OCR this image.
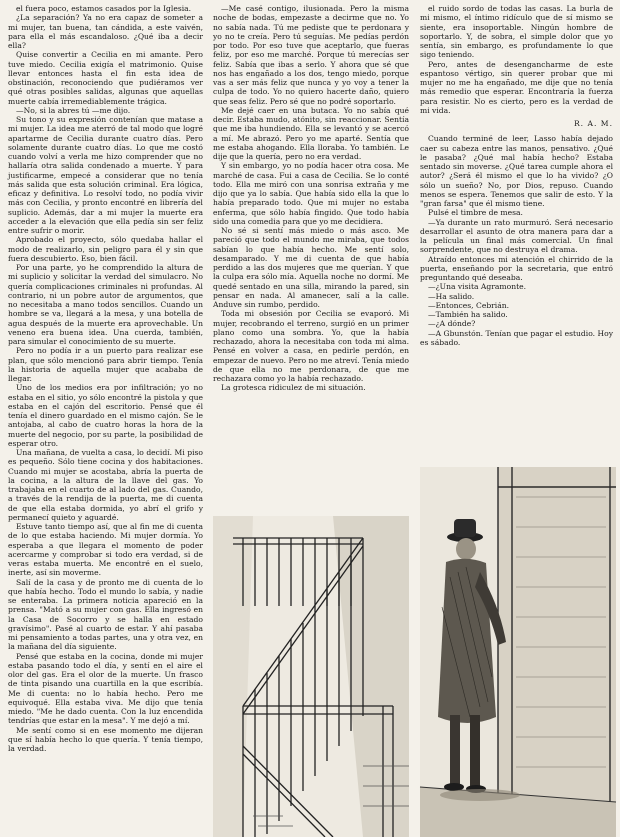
el fuera poco, estamos casados por la Iglesia.

¿La separación? Ya no era capaz de someter a mi mujer, tan buena, tan cándida, a este vaivén, para ella el más escandaloso. ¿Qué iba a decir ella?

Quise convertir a Cecilia en mi amante. Pero tuve miedo. Cecilia exigía el matrimonio. Quise llevar entonces hasta el fin esta idea de obstinación, reconociendo que pudiéramos ver qué otras posibles salidas, algunas que aquellas muerte cabía irremediablemente trágica.

—No, si la abres tú —me dijo.

Su tono y su expresión contenían que matase a mi mujer. La idea me aterró de tal modo que logré apartarme de Cecilia durante cuatro días. Pero solamente durante cuatro días. Lo que me costó cuando volví a verla me hizo comprender que no hallaría otra salida condenado a muerte. Y para justificarme, empecé a considerar que no tenía más salida que esta solución criminal. Era lógica, eficaz y definitiva. Lo resolví todo, no podía vivir más con Cecilia, y pronto encontré en librería del suplicio. Además, dar a mi mujer la muerte era acceder a la elevación que ella pedía sin ser feliz entre sufrir o morir.

Aprobado el proyecto, sólo quedaba hallar el modo de realizarlo, sin peligro para él y sin que fuera descubierto. Eso, bien fácil.

Por una parte, yo he comprendido la altura de mi suplicio y solicitar la verdad del simulacro. No quería complicaciones criminales ni profundas. Al contrario, ni un pobre autor de argumentos, que no necesitaba a mano todos sencillos. Cuando un hombre se va, llegará a la mesa, y una botella de agua después de la muerte era aprovechable. Un veneno era buena idea. Una cuerda, también, para simular el conocimiento de su muerte.

Pero no podía ir a un puerto para realizar ese plan, que sólo mencionó para abrir tiempo. Tenía la historia de aquella mujer que acababa de llegar.

Uno de los medios era por infiltración; yo no estaba en el sitio, yo sólo encontré la pistola y que estaba en el cajón del escritorio. Pensé que él tenía el dinero guardado en el mismo cajón. Se le antojaba, al cabo de cuatro horas la hora de la muerte del negocio, por su parte, la posibilidad de esperar otro.

Una mañana, de vuelta a casa, lo decidí. Mi piso es pequeño. Sólo tiene cocina y dos habitaciones. Cuando mi mujer se acostaba, abría la puerta de la cocina, a la altura de la llave del gas. Yo trabajaba en el cuarto de al lado del gas. Cuando, a través de la rendija de la puerta, me di cuenta de que ella estaba dormida, yo abrí el grifo y permanecí quieto y aguardé.

Estuve tanto tiempo así, que al fin me di cuenta de lo que estaba haciendo. Mi mujer dormía. Yo esperaba a que llegara el momento de poder acercarme y comprobar si todo era verdad, si de veras estaba muerta. Me encontré en el suelo, inerte, así sin moverme.

Salí de la casa y de pronto me di cuenta de lo que había hecho. Todo el mundo lo sabía, y nadie se enteraba. La primera noticia apareció en la prensa. "Mató a su mujer con gas. Ella ingresó en la Casa de Socorro y se halla en estado gravísimo". Pasé al cuarto de estar. Y ahí pasaba mi pensamiento a todas partes, una y otra vez, en la mañana del día siguiente.

Pensé que estaba en la cocina, donde mi mujer estaba pasando todo el día, y sentí en el aire el olor del gas. Era el olor de la muerte. Un frasco de tinta pisando una cuartilla en la que escribía. Me di cuenta: no lo había hecho. Pero me equivoqué. Ella estaba viva. Me dijo que tenía miedo. "Me he dado cuenta. Con la luz encendida tendrías que estar en la mesa". Y me dejó a mí.

Me sentí como si en ese momento me dijeran que sí había hecho lo que quería. Y tenía tiempo, la verdad.

—Me casé contigo, ilusionada. Pero la misma noche de bodas, empezaste a decirme que no. Yo no sabía nada. Tú me pediste que te perdonara y yo no te creía. Pero tú seguías. Me pedías perdón por todo. Por eso tuve que aceptarlo, que fueras feliz, por eso me marché. Porque tú merecías ser feliz. Sabía que ibas a serlo. Y ahora que sé que nos has engañado a los dos, tengo miedo, porque vas a ser más feliz que nunca y yo voy a tener la culpa de todo. Yo no quiero hacerte daño, quiero que seas feliz. Pero sé que no podré soportarlo.

Me dejé caer en una butaca. Yo no sabía qué decir. Estaba mudo, atónito, sin reaccionar. Sentía que me iba hundiendo. Ella se levantó y se acercó a mí. Me abrazó. Pero yo me aparté. Sentía que me estaba ahogando. Ella lloraba. Yo también. Le dije que la quería, pero no era verdad.

Y sin embargo, yo no podía hacer otra cosa. Me marché de casa. Fui a casa de Cecilia. Se lo conté todo. Ella me miró con una sonrisa extraña y me dijo que ya lo sabía. Que había sido ella la que lo había preparado todo. Que mi mujer no estaba enferma, que sólo había fingido. Que todo había sido una comedia para que yo me decidiera.

No sé si sentí más miedo o más asco. Me pareció que todo el mundo me miraba, que todos sabían lo que había hecho. Me sentí solo, desamparado. Y me di cuenta de que había perdido a las dos mujeres que me querían. Y que la culpa era sólo mía. Aquella noche no dormí. Me quedé sentado en una silla, mirando la pared, sin pensar en nada. Al amanecer, salí a la calle. Anduve sin rumbo, perdido.

Toda mi obsesión por Cecilia se evaporó. Mi mujer, recobrando el terreno, surgió en un primer plano como una sombra. Yo, que la había rechazado, ahora la necesitaba con toda mi alma. Pensé en volver a casa, en pedirle perdón, en empezar de nuevo. Pero no me atreví. Tenía miedo de que ella no me perdonara, de que me rechazara como yo la había rechazado.

La grotesca ridiculez de mi situación.

el ruido sordo de todas las casas. La burla de mi mismo, el íntimo ridículo que de sí mismo se siente, era insoportable. Ningún hombre de soportarlo. Y, de sobra, el simple dolor que yo sentía, sin embargo, es profundamente lo que sigo teniendo.

Pero, antes de desengancharme de este espantoso vértigo, sin querer probar que mi mujer no me ha engañado, me dije que no tenía más remedio que esperar. Encontraría la fuerza para resistir. No es cierto, pero es la verdad de mi vida.

R. A. M.

Cuando terminé de leer, Lasso había dejado caer su cabeza entre las manos, pensativo. ¿Qué le pasaba? ¿Qué mal había hecho? Estaba sentado sin moverse. ¿Qué tarea cumple ahora el autor? ¿Será él mismo el que lo ha vivido? ¿O sólo un sueño? No, por Dios, repuso. Cuando menos se espera. Tenemos que salir de esto. Y la "gran farsa" que él mismo tiene.

Pulsé el timbre de mesa.

—Ya durante un rato murmuró. Será necesario desarrollar el asunto de otra manera para dar a la película un final más comercial. Un final sorprendente, que no destruya el drama.

Atraído entonces mi atención el chirrido de la puerta, enseñando por la secretaria, que entró preguntando qué deseaba.

—¿Una visita Agramonte.

—Ha salido.

—Entonces, Cebrián.

—También ha salido.

—¿A dónde?

—A Gbunstón. Tenían que pagar el estudio. Hoy es sábado.
